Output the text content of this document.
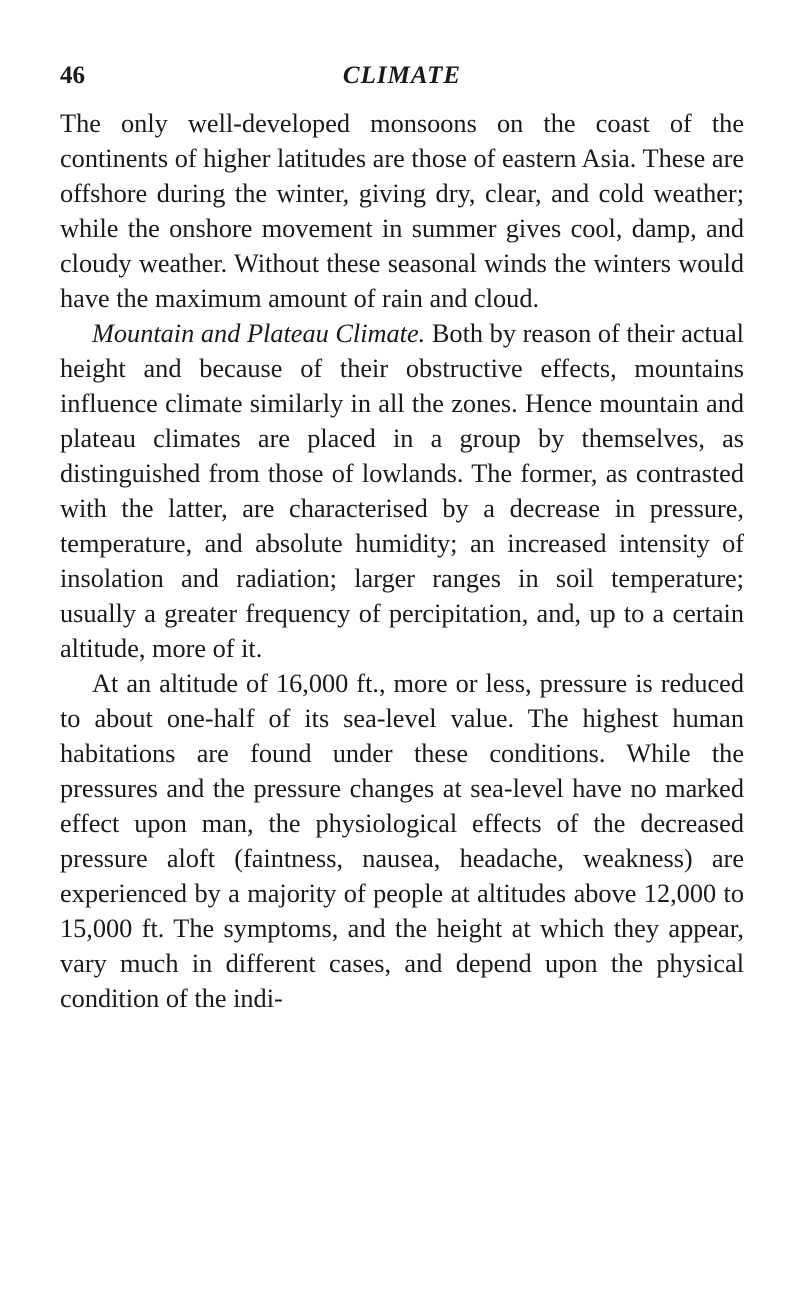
46	CLIMATE

The only well-developed monsoons on the coast of the continents of higher latitudes are those of eastern Asia. These are offshore during the winter, giving dry, clear, and cold weather; while the onshore movement in summer gives cool, damp, and cloudy weather. Without these seasonal winds the winters would have the maximum amount of rain and cloud.

Mountain and Plateau Climate. Both by reason of their actual height and because of their obstructive effects, mountains influence climate similarly in all the zones. Hence mountain and plateau climates are placed in a group by themselves, as distinguished from those of lowlands. The former, as contrasted with the latter, are characterised by a decrease in pressure, temperature, and absolute humidity; an increased intensity of insolation and radiation; larger ranges in soil temperature; usually a greater frequency of percipitation, and, up to a certain altitude, more of it.

At an altitude of 16,000 ft., more or less, pressure is reduced to about one-half of its sea-level value. The highest human habitations are found under these conditions. While the pressures and the pressure changes at sea-level have no marked effect upon man, the physiological effects of the decreased pressure aloft (faintness, nausea, headache, weakness) are experienced by a majority of people at altitudes above 12,000 to 15,000 ft. The symptoms, and the height at which they appear, vary much in different cases, and depend upon the physical condition of the indi-
